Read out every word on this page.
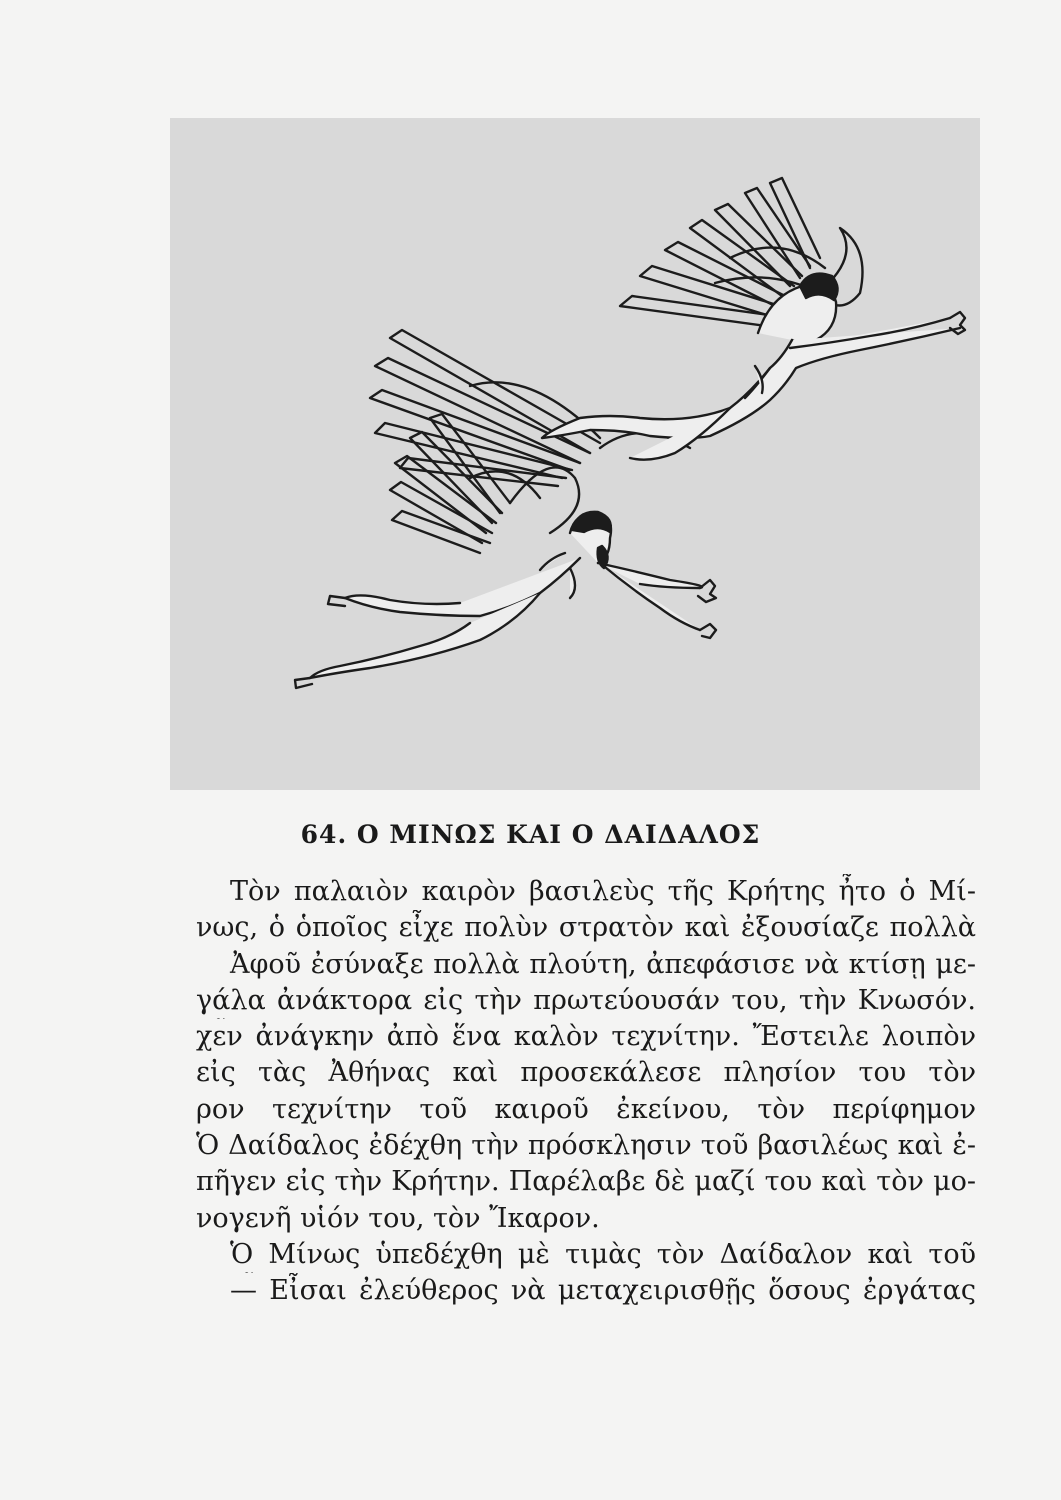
64. Ο ΜΙΝΩΣ ΚΑΙ Ο ΔΑΙΔΑΛΟΣ
Τὸν παλαιὸν καιρὸν βασιλεὺς τῆς Κρήτης ἦτο ὁ Μί-
νως, ὁ ὁποῖος εἶχε πολὺν στρατὸν καὶ ἐξουσίαζε πολλὰ
Ἀφοῦ ἐσύναξε πολλὰ πλούτη, ἀπεφάσισε νὰ κτίσῃ με-
γάλα ἀνάκτορα εἰς τὴν πρωτεύουσάν του, τὴν Κνωσόν.
χεν ἀνάγκην ἀπὸ ἕνα καλὸν τεχνίτην. Ἔστειλε λοιπὸν
εἰς τὰς Ἀθήνας καὶ προσεκάλεσε πλησίον του τὸν
ρον τεχνίτην τοῦ καιροῦ ἐκείνου, τὸν περίφημον
Ὁ Δαίδαλος ἐδέχθη τὴν πρόσκλησιν τοῦ βασιλέως καὶ ἐ-
πῆγεν εἰς τὴν Κρήτην. Παρέλαβε δὲ μαζί του καὶ τὸν μο-
νογενῆ υἱόν του, τὸν Ἴκαρον.
Ὁ Μίνως ὑπεδέχθη μὲ τιμὰς τὸν Δαίδαλον καὶ τοῦ
— Εἶσαι ἐλεύθερος νὰ μεταχειρισθῇς ὅσους ἐργάτας
